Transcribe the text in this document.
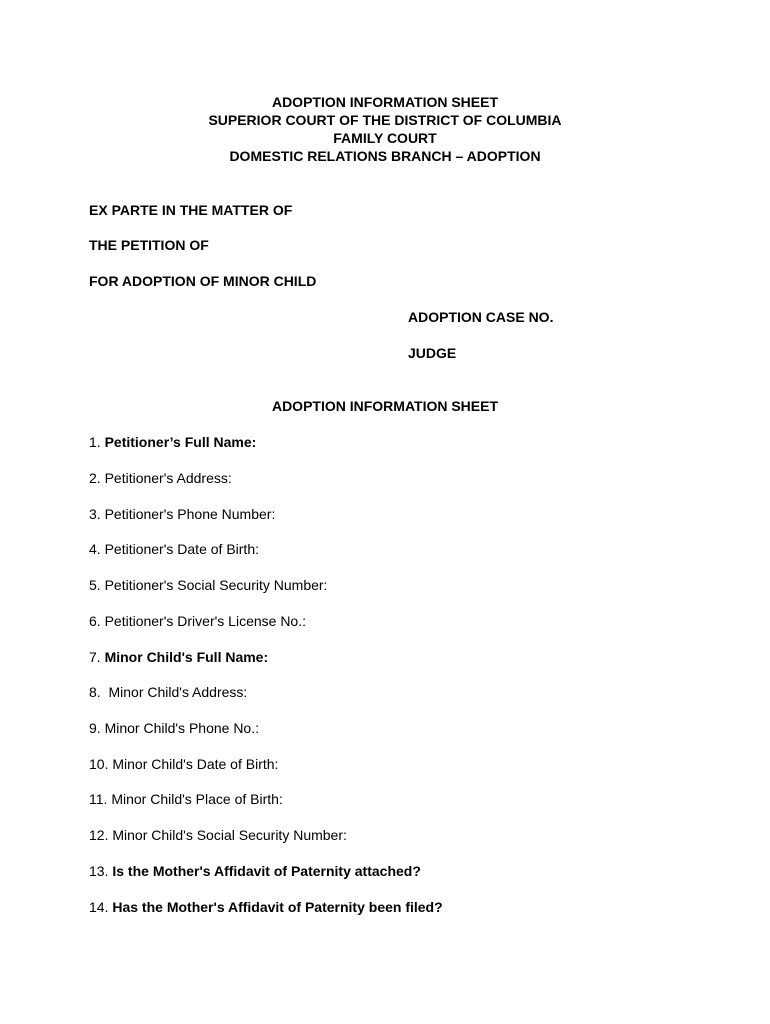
ADOPTION INFORMATION SHEET
SUPERIOR COURT OF THE DISTRICT OF COLUMBIA
FAMILY COURT
DOMESTIC RELATIONS BRANCH – ADOPTION
EX PARTE IN THE MATTER OF
THE PETITION OF
FOR ADOPTION OF MINOR CHILD
ADOPTION CASE NO.
JUDGE
ADOPTION INFORMATION SHEET
1. Petitioner’s Full Name:
2. Petitioner's Address:
3. Petitioner's Phone Number:
4. Petitioner's Date of Birth:
5. Petitioner's Social Security Number:
6. Petitioner's Driver's License No.:
7. Minor Child's Full Name:
8.  Minor Child's Address:
9. Minor Child's Phone No.:
10. Minor Child's Date of Birth:
11. Minor Child's Place of Birth:
12. Minor Child's Social Security Number:
13. Is the Mother's Affidavit of Paternity attached?
14. Has the Mother's Affidavit of Paternity been filed?
